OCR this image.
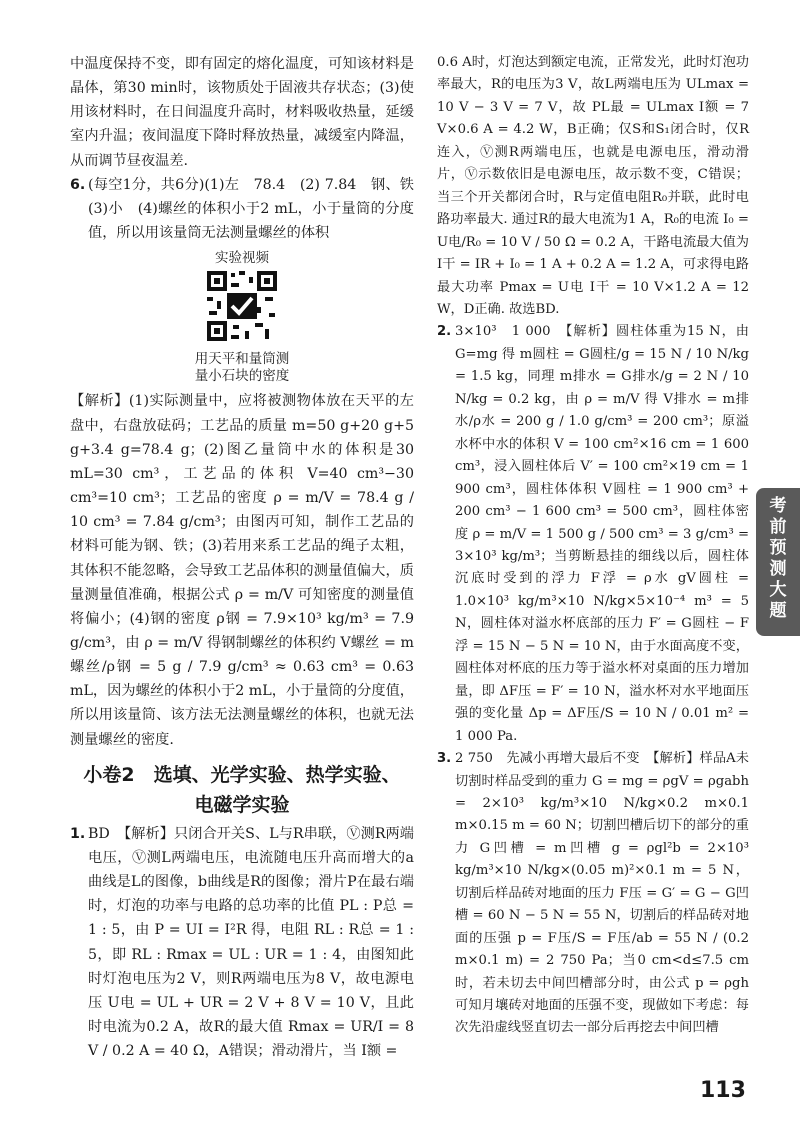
中温度保持不变，即有固定的熔化温度，可知该材料是晶体，第30 min时，该物质处于固液共存状态；(3)使用该材料时，在日间温度升高时，材料吸收热量，延缓室内升温；夜间温度下降时释放热量，减缓室内降温，从而调节昼夜温差.

6. (每空1分，共6分)(1)左　78.4　(2) 7.84　钢、铁　(3)小　(4)螺丝的体积小于2 mL，小于量筒的分度值，所以用该量筒无法测量螺丝的体积

实验视频
用天平和量筒测
量小石块的密度

【解析】(1)实际测量中，应将被测物体放在天平的左盘中，右盘放砝码；工艺品的质量 m=50 g+20 g+5 g+3.4 g=78.4 g；(2)图乙量筒中水的体积是30 mL=30 cm³，工艺品的体积 V=40 cm³−30 cm³=10 cm³；工艺品的密度 ρ = m/V = 78.4 g / 10 cm³ = 7.84 g/cm³；由图丙可知，制作工艺品的材料可能为钢、铁；(3)若用来系工艺品的绳子太粗，其体积不能忽略，会导致工艺品体积的测量值偏大，质量测量值准确，根据公式 ρ = m/V 可知密度的测量值将偏小；(4)钢的密度 ρ钢 = 7.9×10³ kg/m³ = 7.9 g/cm³，由 ρ = m/V 得钢制螺丝的体积约 V螺丝 = m螺丝/ρ钢 = 5 g / 7.9 g/cm³ ≈ 0.63 cm³ = 0.63 mL，因为螺丝的体积小于2 mL，小于量筒的分度值，所以用该量筒、该方法无法测量螺丝的体积，也就无法测量螺丝的密度.

小卷2　选填、光学实验、热学实验、
电磁学实验

1. BD　【解析】只闭合开关S、L与R串联，Ⓥ测R两端电压，Ⓥ测L两端电压，电流随电压升高而增大的a曲线是L的图像，b曲线是R的图像；滑片P在最右端时，灯泡的功率与电路的总功率的比值 PL : P总 = 1 : 5，由 P = UI = I²R 得，电阻 RL : R总 = 1 : 5，即 RL : Rmax = UL : UR = 1 : 4，由图知此时灯泡电压为2 V，则R两端电压为8 V，故电源电压 U电 = UL + UR = 2 V + 8 V = 10 V，且此时电流为0.2 A，故R的最大值 Rmax = UR/I = 8 V / 0.2 A = 40 Ω，A错误；滑动滑片，当 I额 =

0.6 A时，灯泡达到额定电流，正常发光，此时灯泡功率最大，R的电压为3 V，故L两端电压为 ULmax = 10 V − 3 V = 7 V，故 PL最 = ULmax I额 = 7 V×0.6 A = 4.2 W，B正确；仅S和S₁闭合时，仅R连入，Ⓥ测R两端电压，也就是电源电压，滑动滑片，Ⓥ示数依旧是电源电压，故示数不变，C错误；当三个开关都闭合时，R与定值电阻R₀并联，此时电路功率最大. 通过R的最大电流为1 A，R₀的电流 I₀ = U电/R₀ = 10 V / 50 Ω = 0.2 A，干路电流最大值为 I干 = IR + I₀ = 1 A + 0.2 A = 1.2 A，可求得电路最大功率 Pmax = U电 I干 = 10 V×1.2 A = 12 W，D正确. 故选BD.

2. 3×10³　1 000　【解析】圆柱体重为15 N，由 G=mg 得 m圆柱 = G圆柱/g = 15 N / 10 N/kg = 1.5 kg，同理 m排水 = G排水/g = 2 N / 10 N/kg = 0.2 kg，由 ρ = m/V 得 V排水 = m排水/ρ水 = 200 g / 1.0 g/cm³ = 200 cm³；原溢水杯中水的体积 V = 100 cm²×16 cm = 1 600 cm³，浸入圆柱体后 V′ = 100 cm²×19 cm = 1 900 cm³，圆柱体体积 V圆柱 = 1 900 cm³ + 200 cm³ − 1 600 cm³ = 500 cm³，圆柱体密度 ρ = m/V = 1 500 g / 500 cm³ = 3 g/cm³ = 3×10³ kg/m³；当剪断悬挂的细线以后，圆柱体沉底时受到的浮力 F浮 = ρ水 gV圆柱 = 1.0×10³ kg/m³×10 N/kg×5×10⁻⁴ m³ = 5 N，圆柱体对溢水杯底部的压力 F′ = G圆柱 − F浮 = 15 N − 5 N = 10 N，由于水面高度不变，圆柱体对杯底的压力等于溢水杯对桌面的压力增加量，即 ΔF压 = F′ = 10 N，溢水杯对水平地面压强的变化量 Δp = ΔF压/S = 10 N / 0.01 m² = 1 000 Pa.

3. 2 750　先减小再增大最后不变　【解析】样品A未切割时样品受到的重力 G = mg = ρgV = ρgabh = 2×10³ kg/m³×10 N/kg×0.2 m×0.1 m×0.15 m = 60 N；切割凹槽后切下的部分的重力 G凹槽 = m凹槽 g = ρgl²b = 2×10³ kg/m³×10 N/kg×(0.05 m)²×0.1 m = 5 N，切割后样品砖对地面的压力 F压 = G′ = G − G凹槽 = 60 N − 5 N = 55 N，切割后的样品砖对地面的压强 p = F压/S = F压/ab = 55 N / (0.2 m×0.1 m) = 2 750 Pa；当0 cm<d≤7.5 cm时，若未切去中间凹槽部分时，由公式 p = ρgh 可知月壤砖对地面的压强不变，现做如下考虑：每次先沿虚线竖直切去一部分后再挖去中间凹槽

考
前
预
测
大
题
113
